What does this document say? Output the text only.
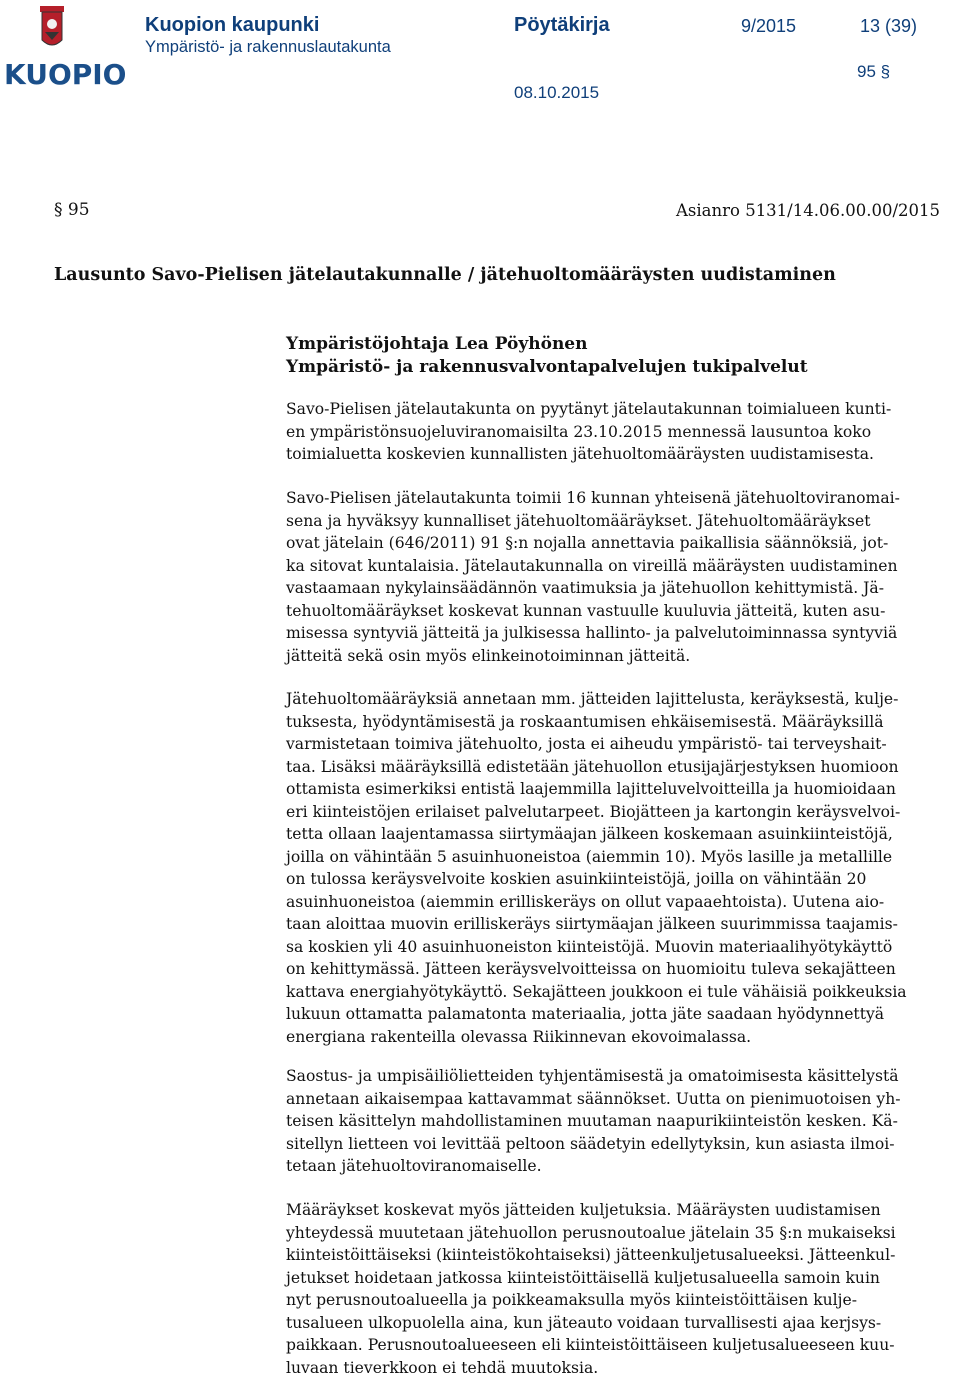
KUOPIO
Kuopion kaupunki
Ympäristö- ja rakennuslautakunta
Pöytäkirja	9/2015	13 (39)
95 §
08.10.2015
§ 95	Asianro 5131/14.06.00.00/2015
Lausunto Savo-Pielisen jätelautakunnalle / jätehuoltomääräysten uudistaminen
Ympäristöjohtaja Lea Pöyhönen
Ympäristö- ja rakennusvalvontapalvelujen tukipalvelut
Savo-Pielisen jätelautakunta on pyytänyt jätelautakunnan toimialueen kunti-
en ympäristönsuojeluviranomaisilta 23.10.2015 mennessä lausuntoa koko
toimialuetta koskevien kunnallisten jätehuoltomääräysten uudistamisesta.
Savo-Pielisen jätelautakunta toimii 16 kunnan yhteisenä jätehuoltoviranomai-
sena ja hyväksyy kunnalliset jätehuoltomääräykset. Jätehuoltomääräykset
ovat jätelain (646/2011) 91 §:n nojalla annettavia paikallisia säännöksiä, jot-
ka sitovat kuntalaisia. Jätelautakunnalla on vireillä määräysten uudistaminen
vastaamaan nykylainsäädännön vaatimuksia ja jätehuollon kehittymistä. Jä-
tehuoltomääräykset koskevat kunnan vastuulle kuuluvia jätteitä, kuten asu-
misessa syntyviä jätteitä ja julkisessa hallinto- ja palvelutoiminnassa syntyviä
jätteitä sekä osin myös elinkeinotoiminnan jätteitä.
Jätehuoltomääräyksiä annetaan mm. jätteiden lajittelusta, keräyksestä, kulje-
tuksesta, hyödyntämisestä ja roskaantumisen ehkäisemisestä. Määräyksillä
varmistetaan toimiva jätehuolto, josta ei aiheudu ympäristö- tai terveyshait-
taa. Lisäksi määräyksillä edistetään jätehuollon etusijajärjestyksen huomioon
ottamista esimerkiksi entistä laajemmilla lajitteluvelvoitteilla ja huomioidaan
eri kiinteistöjen erilaiset palvelutarpeet. Biojätteen ja kartongin keräysvelvoi-
tetta ollaan laajentamassa siirtymäajan jälkeen koskemaan asuinkiinteistöjä,
joilla on vähintään 5 asuinhuoneistoa (aiemmin 10). Myös lasille ja metallille
on tulossa keräysvelvoite koskien asuinkiinteistöjä, joilla on vähintään 20
asuinhuoneistoa (aiemmin erilliskeräys on ollut vapaaehtoista). Uutena aio-
taan aloittaa muovin erilliskeräys siirtymäajan jälkeen suurimmissa taajamis-
sa koskien yli 40 asuinhuoneiston kiinteistöjä. Muovin materiaalihyötykäyttö
on kehittymässä. Jätteen keräysvelvoitteissa on huomioitu tuleva sekajätteen
kattava energiahyötykäyttö. Sekajätteen joukkoon ei tule vähäisiä poikkeuksia
lukuun ottamatta palamatonta materiaalia, jotta jäte saadaan hyödynnettyä
energiana rakenteilla olevassa Riikinnevan ekovoimalassa.
Saostus- ja umpisäiliölietteiden tyhjentämisestä ja omatoimisesta käsittelystä
annetaan aikaisempaa kattavammat säännökset. Uutta on pienimuotoisen yh-
teisen käsittelyn mahdollistaminen muutaman naapurikiinteistön kesken. Kä-
sitellyn lietteen voi levittää peltoon säädetyin edellytyksin, kun asiasta ilmoi-
tetaan jätehuoltoviranomaiselle.
Määräykset koskevat myös jätteiden kuljetuksia. Määräysten uudistamisen
yhteydessä muutetaan jätehuollon perusnoutoalue jätelain 35 §:n mukaiseksi
kiinteistöittäiseksi (kiinteistökohtaiseksi) jätteenkuljetusalueeksi. Jätteenkul-
jetukset hoidetaan jatkossa kiinteistöittäisellä kuljetusalueella samoin kuin
nyt perusnoutoalueella ja poikkeamaksulla myös kiinteistöittäisen kulje-
tusalueen ulkopuolella aina, kun jäteauto voidaan turvallisesti ajaa kerjsys-
paikkaan. Perusnoutoalueeseen eli kiinteistöittäiseen kuljetusalueeseen kuu-
luvaan tieverkkoon ei tehdä muutoksia.
